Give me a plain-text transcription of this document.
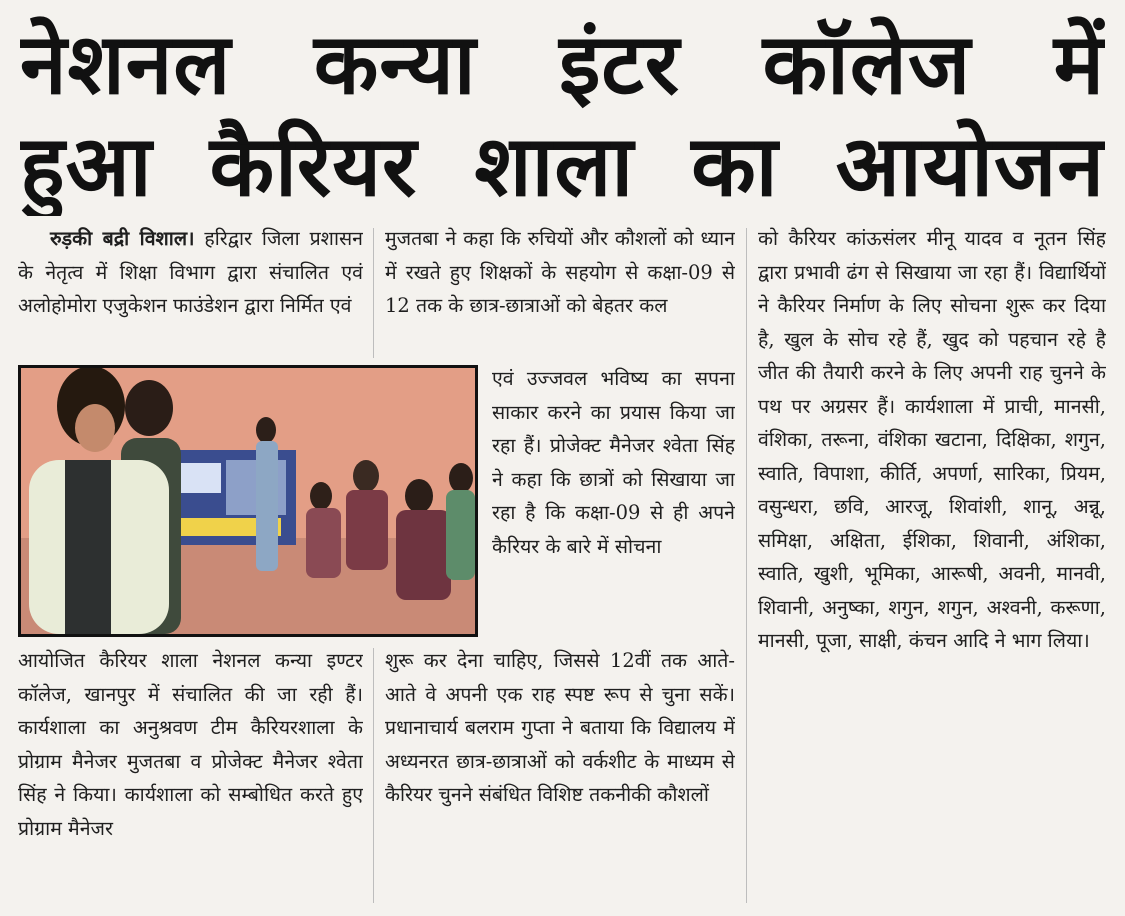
नेशनल कन्या इंटर कॉलेज में
हुआ कैरियर शाला का आयोजन

रुड़की बद्री विशाल। हरिद्वार जिला प्रशासन के नेतृत्व में शिक्षा विभाग द्वारा संचालित एवं अलोहोमोरा एजुकेशन फाउंडेशन द्वारा निर्मित एवं

मुजतबा ने कहा कि रुचियों और कौशलों को ध्यान में रखते हुए शिक्षकों के सहयोग से कक्षा-09 से 12 तक के छात्र-छात्राओं को बेहतर कल

एवं उज्जवल भविष्य का सपना साकार करने का प्रयास किया जा रहा हैं। प्रोजेक्ट मैनेजर श्वेता सिंह ने कहा कि छात्रों को सिखाया जा रहा है कि कक्षा-09 से ही अपने कैरियर के बारे में सोचना

आयोजित कैरियर शाला नेशनल कन्या इण्टर कॉलेज, खानपुर में संचालित की जा रही हैं। कार्यशाला का अनुश्रवण टीम कैरियरशाला के प्रोग्राम मैनेजर मुजतबा व प्रोजेक्ट मैनेजर श्वेता सिंह ने किया। कार्यशाला को सम्बोधित करते हुए प्रोग्राम मैनेजर

शुरू कर देना चाहिए, जिससे 12वीं तक आते-आते वे अपनी एक राह स्पष्ट रूप से चुना सकें। प्रधानाचार्य बलराम गुप्ता ने बताया कि विद्यालय में अध्यनरत छात्र-छात्राओं को वर्कशीट के माध्यम से कैरियर चुनने संबंधित विशिष्ट तकनीकी कौशलों

को कैरियर कांऊसंलर मीनू यादव व नूतन सिंह द्वारा प्रभावी ढंग से सिखाया जा रहा हैं। विद्यार्थियों ने कैरियर निर्माण के लिए सोचना शुरू कर दिया है, खुल के सोच रहे हैं, खुद को पहचान रहे है जीत की तैयारी करने के लिए अपनी राह चुनने के पथ पर अग्रसर हैं। कार्यशाला में प्राची, मानसी, वंशिका, तरूना, वंशिका खटाना, दिक्षिका, शगुन, स्वाति, विपाशा, कीर्ति, अपर्णा, सारिका, प्रियम, वसुन्धरा, छवि, आरजू, शिवांशी, शानू, अन्नू, समिक्षा, अक्षिता, ईशिका, शिवानी, अंशिका, स्वाति, खुशी, भूमिका, आरूषी, अवनी, मानवी, शिवानी, अनुष्का, शगुन, शगुन, अश्वनी, करूणा, मानसी, पूजा, साक्षी, कंचन आदि ने भाग लिया।
